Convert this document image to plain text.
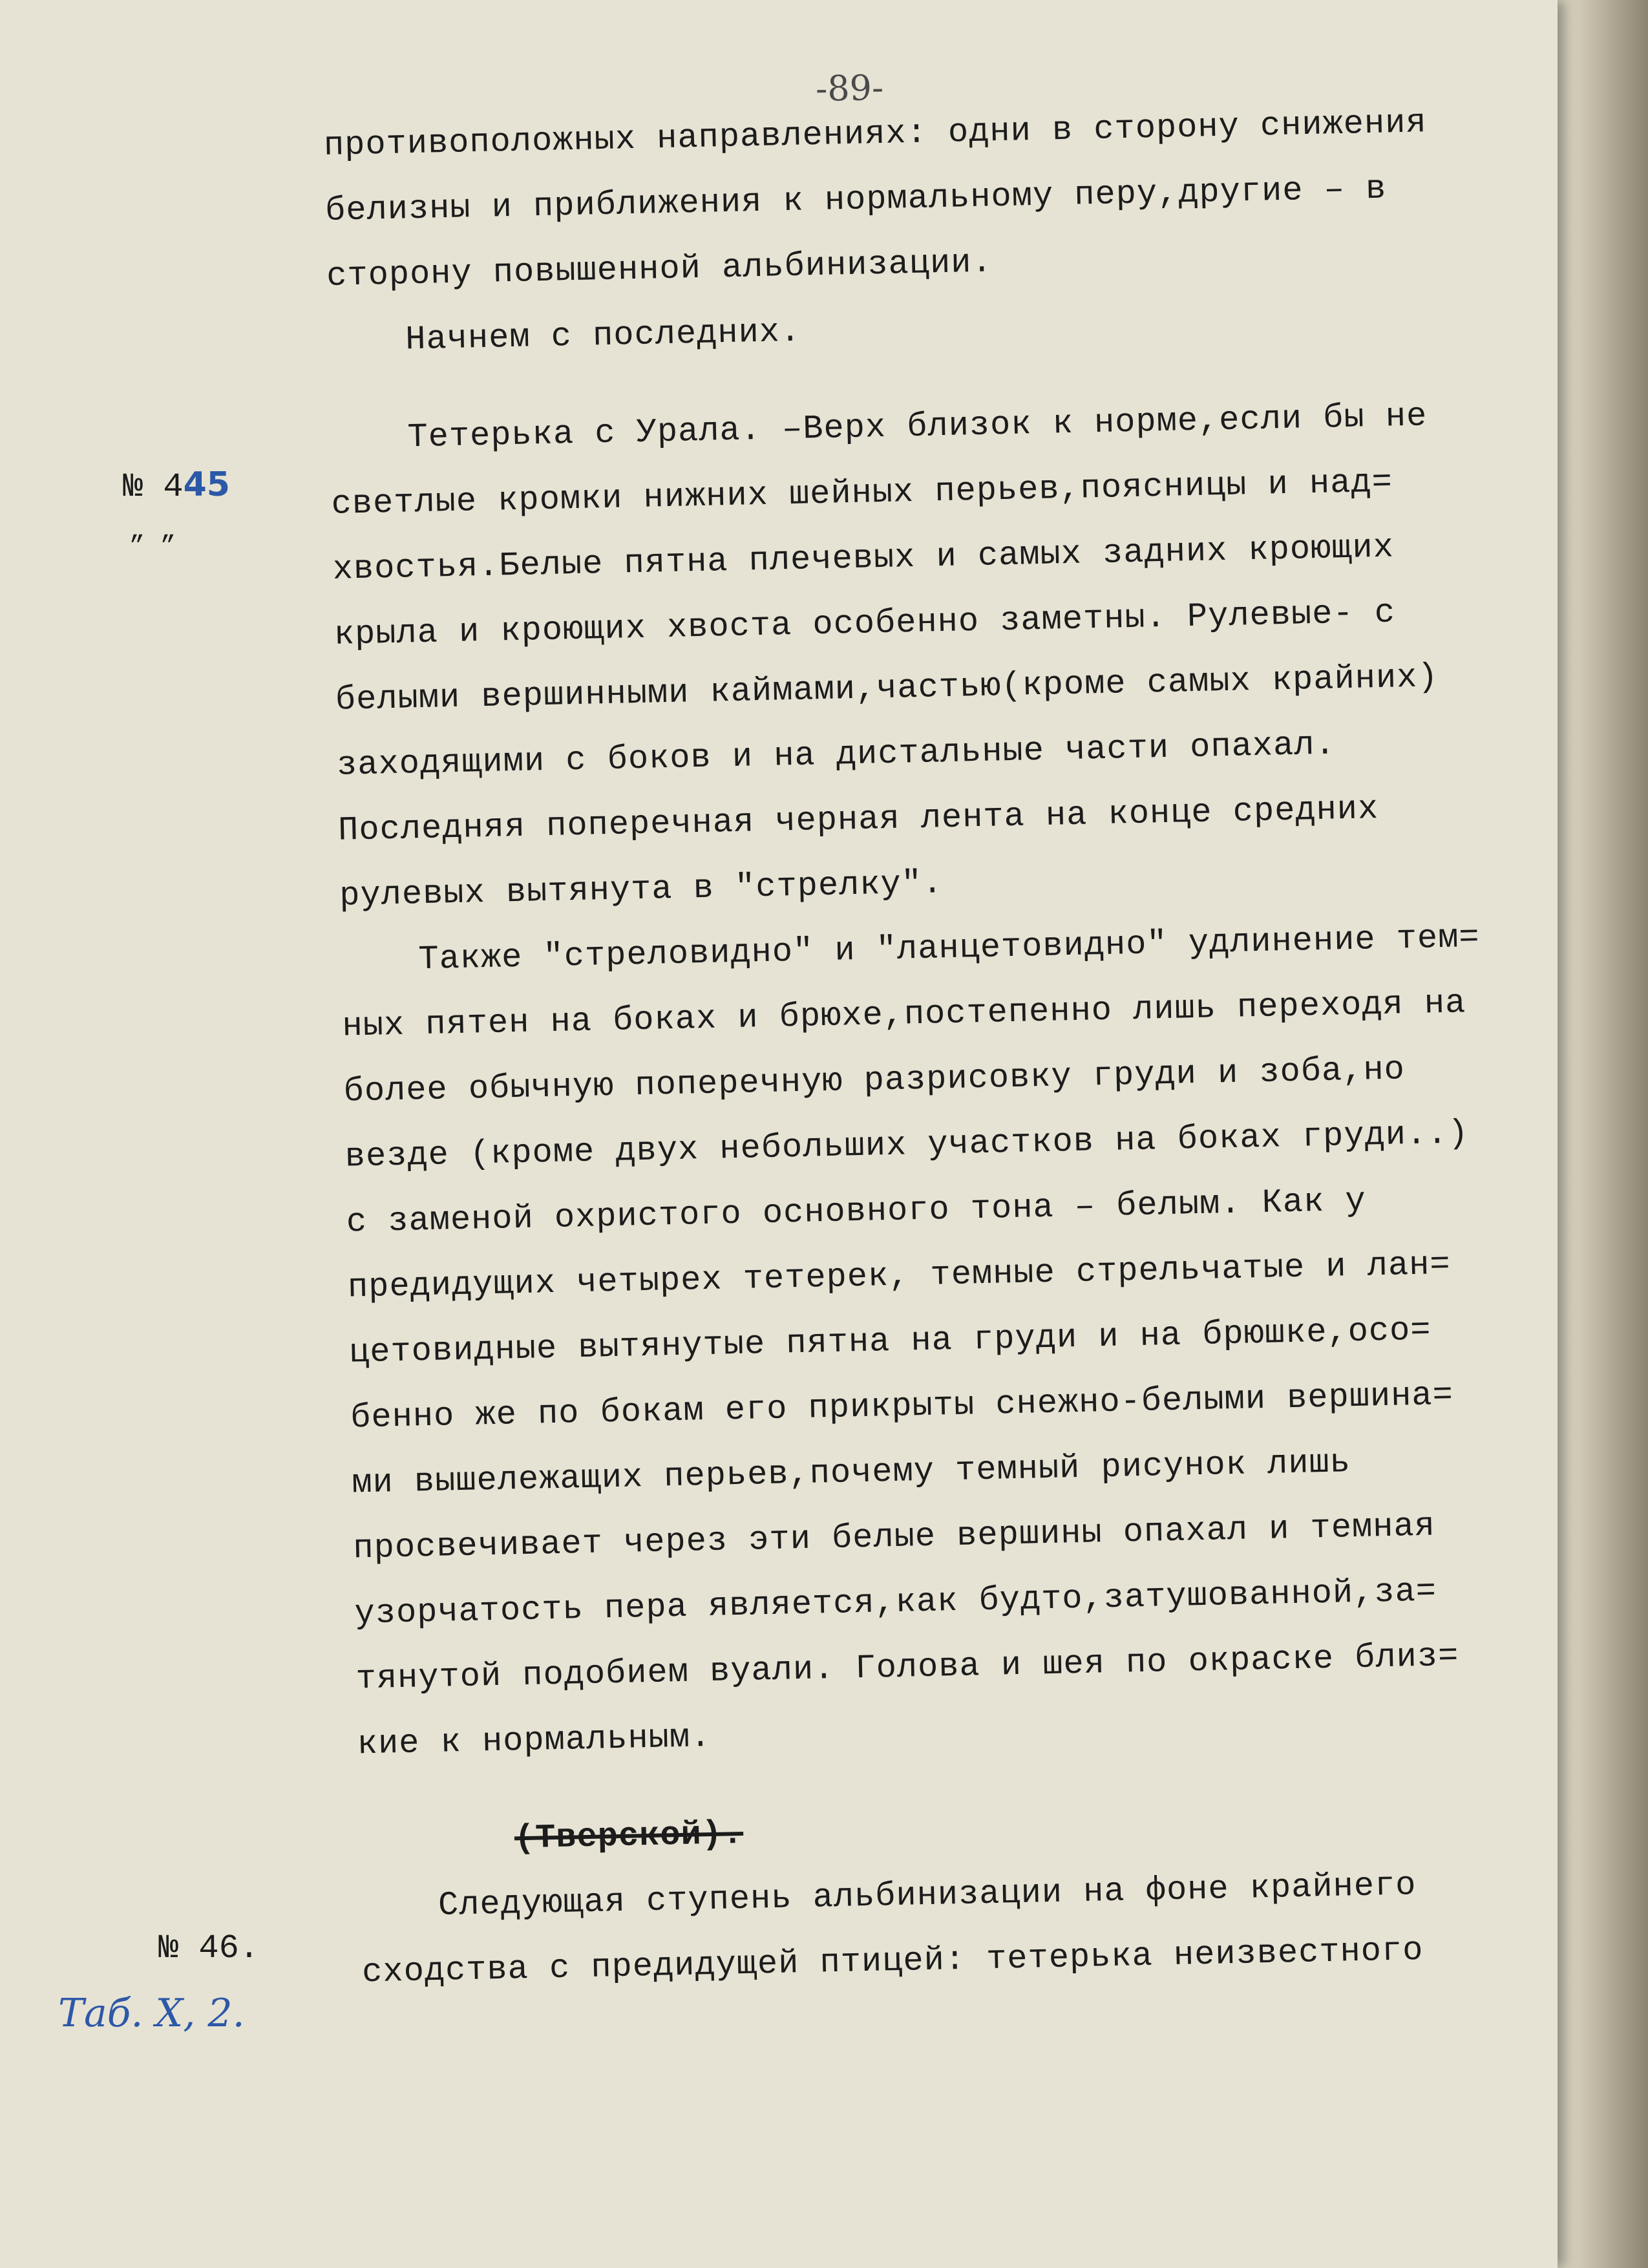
-89-
№ 445
„ „
№ 46.
Таб. X, 2.
противоположных направлениях: одни в сторону снижения
белизны и приближения к нормальному перу,другие – в
сторону повышенной альбинизации.
Начнем с последних.
Тетерька с Урала. –Верх близок к норме,если бы не
светлые кромки нижних шейных перьев,поясницы и над=
хвостья.Белые пятна плечевых и самых задних кроющих
крыла и кроющих хвоста особенно заметны. Рулевые- с
белыми вершинными каймами,частью(кроме самых крайних)
заходящими с боков и на дистальные части опахал.
Последняя поперечная черная лента на конце средних
рулевых вытянута в "стрелку".
Также "стреловидно" и "ланцетовидно" удлинение тем=
ных пятен на боках и брюхе,постепенно лишь переходя на
более обычную поперечную разрисовку груди и зоба,но
везде (кроме двух небольших участков на боках груди..)
с заменой охристого основного тона – белым. Как у
предидущих четырех тетерек, темные стрельчатые и лан=
цетовидные вытянутые пятна на груди и на брюшке,осо=
бенно же по бокам его прикрыты снежно-белыми вершина=
ми вышележащих перьев,почему темный рисунок лишь
просвечивает через эти белые вершины опахал и темная
узорчатость пера является,как будто,затушованной,за=
тянутой подобием вуали. Голова и шея по окраске близ=
кие к нормальным.
(Тверской).
Следующая ступень альбинизации на фоне крайнего
сходства с предидущей птицей: тетерька неизвестного
